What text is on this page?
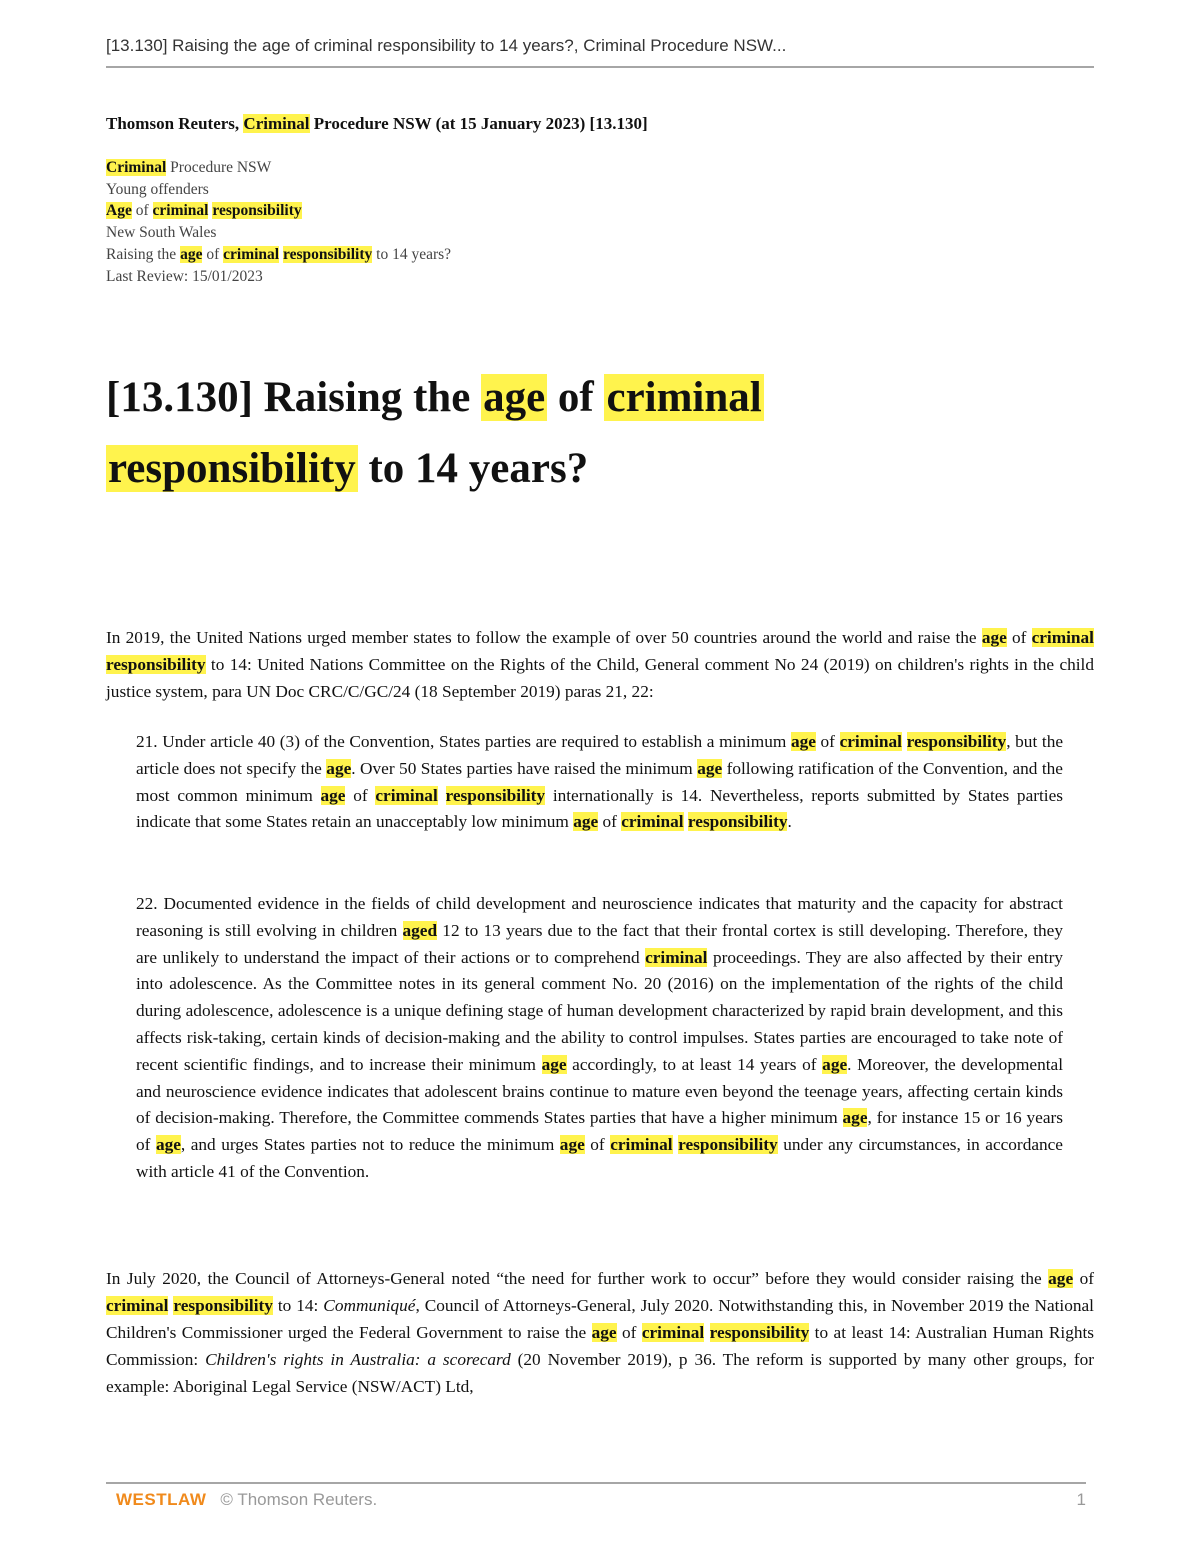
[13.130] Raising the age of criminal responsibility to 14 years?, Criminal Procedure NSW...
Thomson Reuters, Criminal Procedure NSW (at 15 January 2023) [13.130]
Criminal Procedure NSW
Young offenders
Age of criminal responsibility
New South Wales
Raising the age of criminal responsibility to 14 years?
Last Review: 15/01/2023
[13.130] Raising the age of criminal
responsibility to 14 years?

In 2019, the United Nations urged member states to follow the example of over 50 countries around the world and raise the age of criminal responsibility to 14: United Nations Committee on the Rights of the Child, General comment No 24 (2019) on children's rights in the child justice system, para UN Doc CRC/C/GC/24 (18 September 2019) paras 21, 22:

21. Under article 40 (3) of the Convention, States parties are required to establish a minimum age of criminal responsibility, but the article does not specify the age. Over 50 States parties have raised the minimum age following ratification of the Convention, and the most common minimum age of criminal responsibility internationally is 14. Nevertheless, reports submitted by States parties indicate that some States retain an unacceptably low minimum age of criminal responsibility.

22. Documented evidence in the fields of child development and neuroscience indicates that maturity and the capacity for abstract reasoning is still evolving in children aged 12 to 13 years due to the fact that their frontal cortex is still developing. Therefore, they are unlikely to understand the impact of their actions or to comprehend criminal proceedings. They are also affected by their entry into adolescence. As the Committee notes in its general comment No. 20 (2016) on the implementation of the rights of the child during adolescence, adolescence is a unique defining stage of human development characterized by rapid brain development, and this affects risk-taking, certain kinds of decision-making and the ability to control impulses. States parties are encouraged to take note of recent scientific findings, and to increase their minimum age accordingly, to at least 14 years of age. Moreover, the developmental and neuroscience evidence indicates that adolescent brains continue to mature even beyond the teenage years, affecting certain kinds of decision-making. Therefore, the Committee commends States parties that have a higher minimum age, for instance 15 or 16 years of age, and urges States parties not to reduce the minimum age of criminal responsibility under any circumstances, in accordance with article 41 of the Convention.

In July 2020, the Council of Attorneys-General noted “the need for further work to occur” before they would consider raising the age of criminal responsibility to 14: Communiqué, Council of Attorneys-General, July 2020. Notwithstanding this, in November 2019 the National Children's Commissioner urged the Federal Government to raise the age of criminal responsibility to at least 14: Australian Human Rights Commission: Children's rights in Australia: a scorecard (20 November 2019), p 36. The reform is supported by many other groups, for example: Aboriginal Legal Service (NSW/ACT) Ltd,

WESTLAW © Thomson Reuters.	1
